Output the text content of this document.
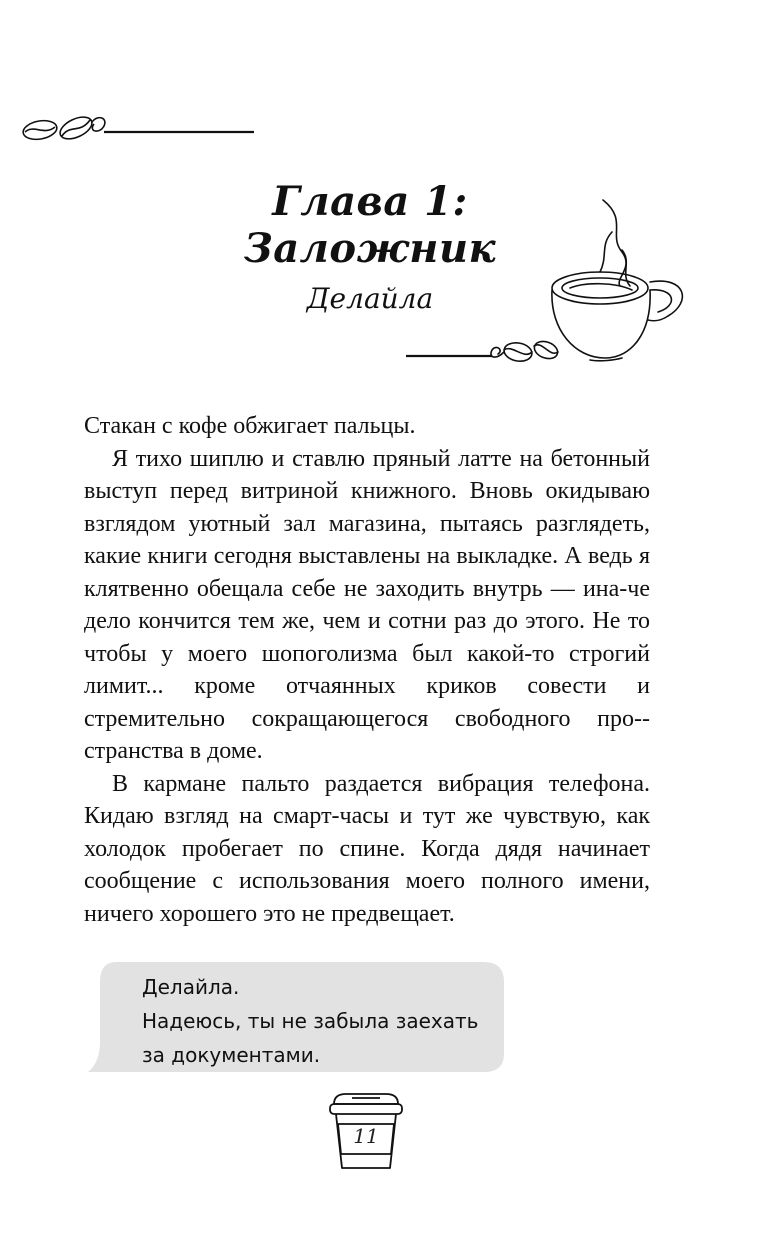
Глава 1: Заложник
Делайла

Стакан с кофе обжигает пальцы.

Я тихо шиплю и ставлю пряный латте на бетонный выступ перед витриной книжного. Вновь окидываю взглядом уютный зал магазина, пытаясь разглядеть, какие книги сегодня выставлены на выкладке. А ведь я клятвенно обещала себе не заходить внутрь — ина-че дело кончится тем же, чем и сотни раз до этого. Не то чтобы у моего шопоголизма был какой-то строгий лимит... кроме отчаянных криков совести и стремительно сокращающегося свободного про-странства в доме.

В кармане пальто раздается вибрация телефона. Кидаю взгляд на смарт-часы и тут же чувствую, как холодок пробегает по спине. Когда дядя начинает сообщение с использования моего полного имени, ничего хорошего это не предвещает.

Делайла.
Надеюсь, ты не забыла заехать
за документами.
11
